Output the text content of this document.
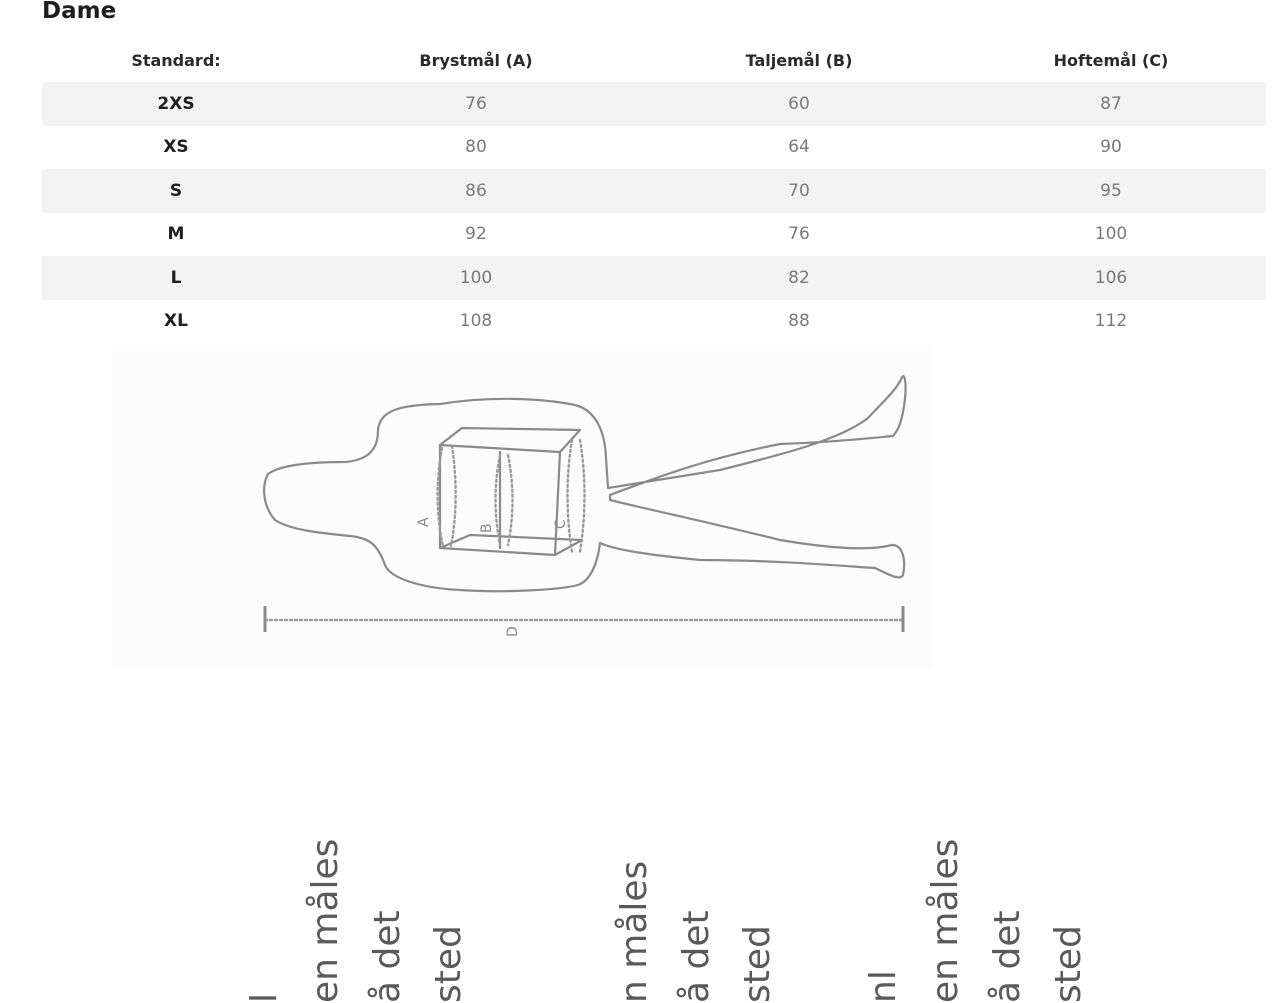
Dame
Standard:	Brystmål (A)	Taljemål (B)	Hoftemål (C)
2XS	76	60	87
XS	80	64	90
S	86	70	95
M	92	76	100
L	100	82	106
XL	108	88	112
A
B	C
D
l en måles å det sted	n måles å det sted nl en måles å det sted
